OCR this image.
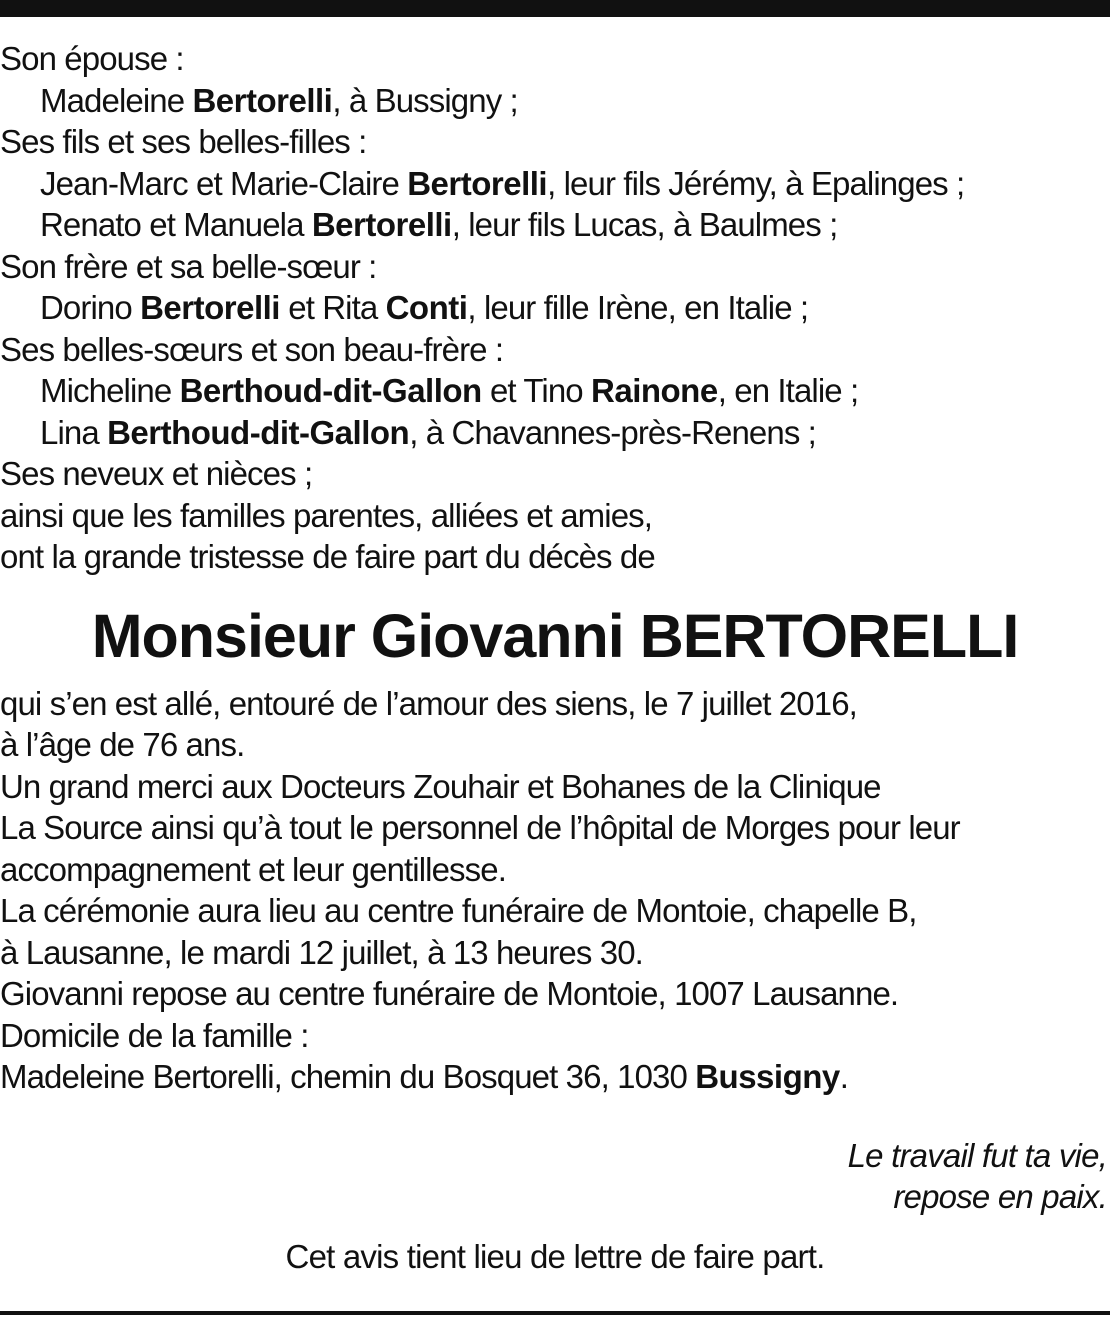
Son épouse :
Madeleine Bertorelli, à Bussigny ;
Ses fils et ses belles-filles :
Jean-Marc et Marie-Claire Bertorelli, leur fils Jérémy, à Epalinges ;
Renato et Manuela Bertorelli, leur fils Lucas, à Baulmes ;
Son frère et sa belle-sœur :
Dorino Bertorelli et Rita Conti, leur fille Irène, en Italie ;
Ses belles-sœurs et son beau-frère :
Micheline Berthoud-dit-Gallon et Tino Rainone, en Italie ;
Lina Berthoud-dit-Gallon, à Chavannes-près-Renens ;
Ses neveux et nièces ;
ainsi que les familles parentes, alliées et amies,
ont la grande tristesse de faire part du décès de
Monsieur Giovanni BERTORELLI
qui s’en est allé, entouré de l’amour des siens, le 7 juillet 2016,
à l’âge de 76 ans.
Un grand merci aux Docteurs Zouhair et Bohanes de la Clinique
La Source ainsi qu’à tout le personnel de l’hôpital de Morges pour leur
accompagnement et leur gentillesse.
La cérémonie aura lieu au centre funéraire de Montoie, chapelle B,
à Lausanne, le mardi 12 juillet, à 13 heures 30.
Giovanni repose au centre funéraire de Montoie, 1007 Lausanne.
Domicile de la famille :
Madeleine Bertorelli, chemin du Bosquet 36, 1030 Bussigny.
Le travail fut ta vie,
repose en paix.
Cet avis tient lieu de lettre de faire part.
